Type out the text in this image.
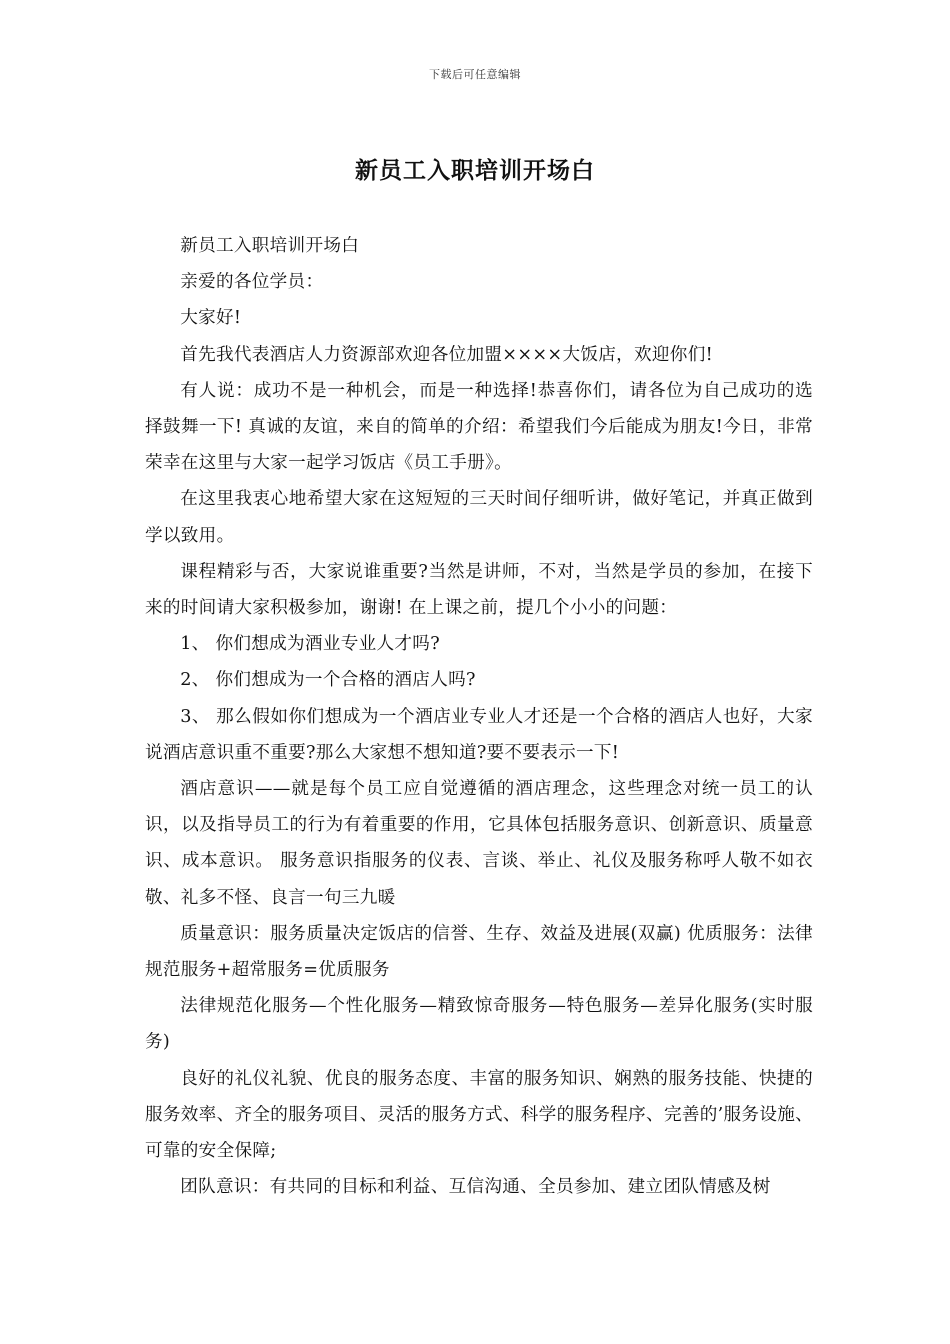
下载后可任意编辑
新员工入职培训开场白

新员工入职培训开场白

亲爱的各位学员：

大家好!

首先我代表酒店人力资源部欢迎各位加盟××××大饭店，欢迎你们!

有人说：成功不是一种机会，而是一种选择!恭喜你们，请各位为自己成功的选择鼓舞一下! 真诚的友谊，来自的简单的介绍：希望我们今后能成为朋友!今日，非常荣幸在这里与大家一起学习饭店《员工手册》。

在这里我衷心地希望大家在这短短的三天时间仔细听讲，做好笔记，并真正做到学以致用。

课程精彩与否，大家说谁重要?当然是讲师，不对，当然是学员的参加，在接下来的时间请大家积极参加，谢谢! 在上课之前，提几个小小的问题：

1、 你们想成为酒业专业人才吗?

2、 你们想成为一个合格的酒店人吗?

3、 那么假如你们想成为一个酒店业专业人才还是一个合格的酒店人也好，大家说酒店意识重不重要?那么大家想不想知道?要不要表示一下!

酒店意识——就是每个员工应自觉遵循的酒店理念，这些理念对统一员工的认识，以及指导员工的行为有着重要的作用，它具体包括服务意识、创新意识、质量意识、成本意识。 服务意识指服务的仪表、言谈、举止、礼仪及服务称呼人敬不如衣敬、礼多不怪、良言一句三九暖

质量意识：服务质量决定饭店的信誉、生存、效益及进展(双赢) 优质服务：法律规范服务+超常服务=优质服务

法律规范化服务—个性化服务—精致惊奇服务—特色服务—差异化服务(实时服务)

良好的礼仪礼貌、优良的服务态度、丰富的服务知识、娴熟的服务技能、快捷的服务效率、齐全的服务项目、灵活的服务方式、科学的服务程序、完善的’服务设施、可靠的安全保障;

团队意识：有共同的目标和利益、互信沟通、全员参加、建立团队情感及树
